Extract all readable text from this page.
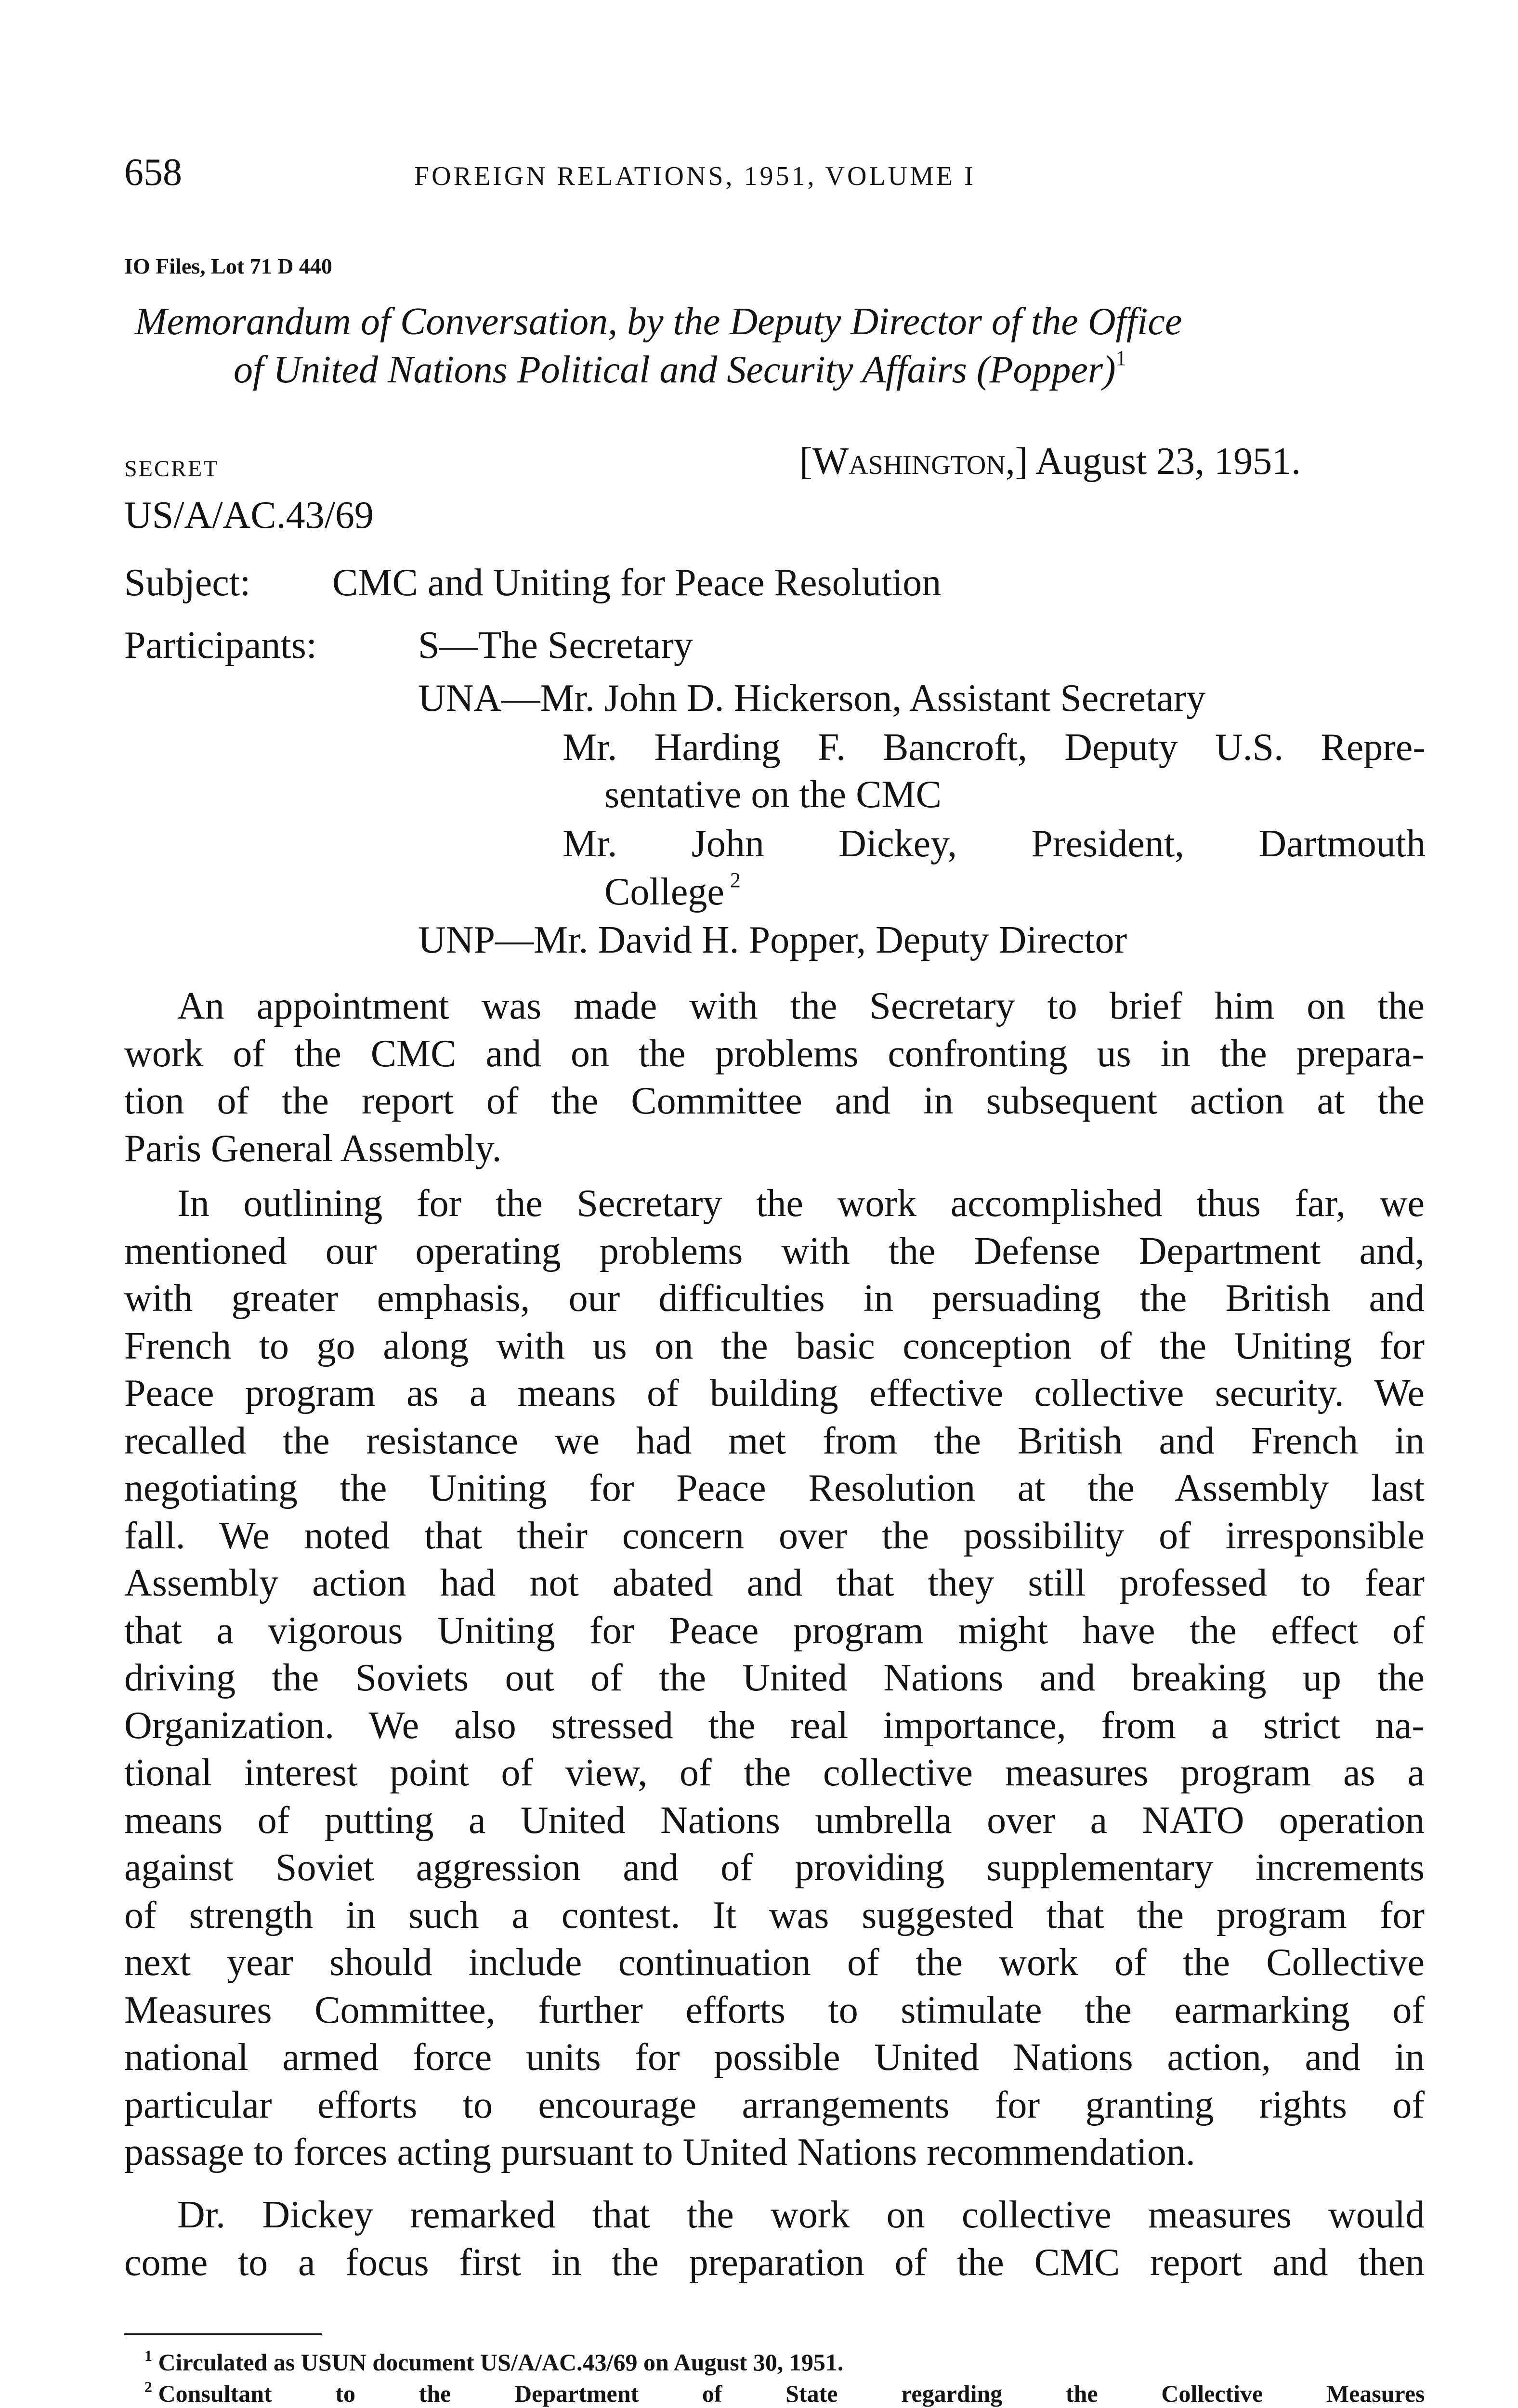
658	FOREIGN RELATIONS, 1951, VOLUME I
IO Files, Lot 71 D 440
Memorandum of Conversation, by the Deputy Director of the Office
of United Nations Political and Security Affairs (Popper)$^1$
SECRET	[Washington,] August 23, 1951.
US/A/AC.43/69
Subject: CMC and Uniting for Peace Resolution
Participants:	S—The Secretary
UNA—Mr. John D. Hickerson, Assistant Secretary
Mr. Harding F. Bancroft, Deputy U.S. Repre-
sentative on the CMC
Mr. John Dickey, President, Dartmouth
College $^2$
UNP—Mr. David H. Popper, Deputy Director
An appointment was made with the Secretary to brief him on the
work of the CMC and on the problems confronting us in the prepara-
tion of the report of the Committee and in subsequent action at the
Paris General Assembly.
In outlining for the Secretary the work accomplished thus far, we
mentioned our operating problems with the Defense Department and,
with greater emphasis, our difficulties in persuading the British and
French to go along with us on the basic conception of the Uniting for
Peace program as a means of building effective collective security. We
recalled the resistance we had met from the British and French in
negotiating the Uniting for Peace Resolution at the Assembly last
fall. We noted that their concern over the possibility of irresponsible
Assembly action had not abated and that they still professed to fear
that a vigorous Uniting for Peace program might have the effect of
driving the Soviets out of the United Nations and breaking up the
Organization. We also stressed the real importance, from a strict na-
tional interest point of view, of the collective measures program as a
means of putting a United Nations umbrella over a NATO operation
against Soviet aggression and of providing supplementary increments
of strength in such a contest. It was suggested that the program for
next year should include continuation of the work of the Collective
Measures Committee, further efforts to stimulate the earmarking of
national armed force units for possible United Nations action, and in
particular efforts to encourage arrangements for granting rights of
passage to forces acting pursuant to United Nations recommendation.
Dr. Dickey remarked that the work on collective measures would
come to a focus first in the preparation of the CMC report and then
$^1$ Circulated as USUN document US/A/AC.43/69 on August 30, 1951.
$^2$ Consultant to the Department of State regarding the Collective Measures
